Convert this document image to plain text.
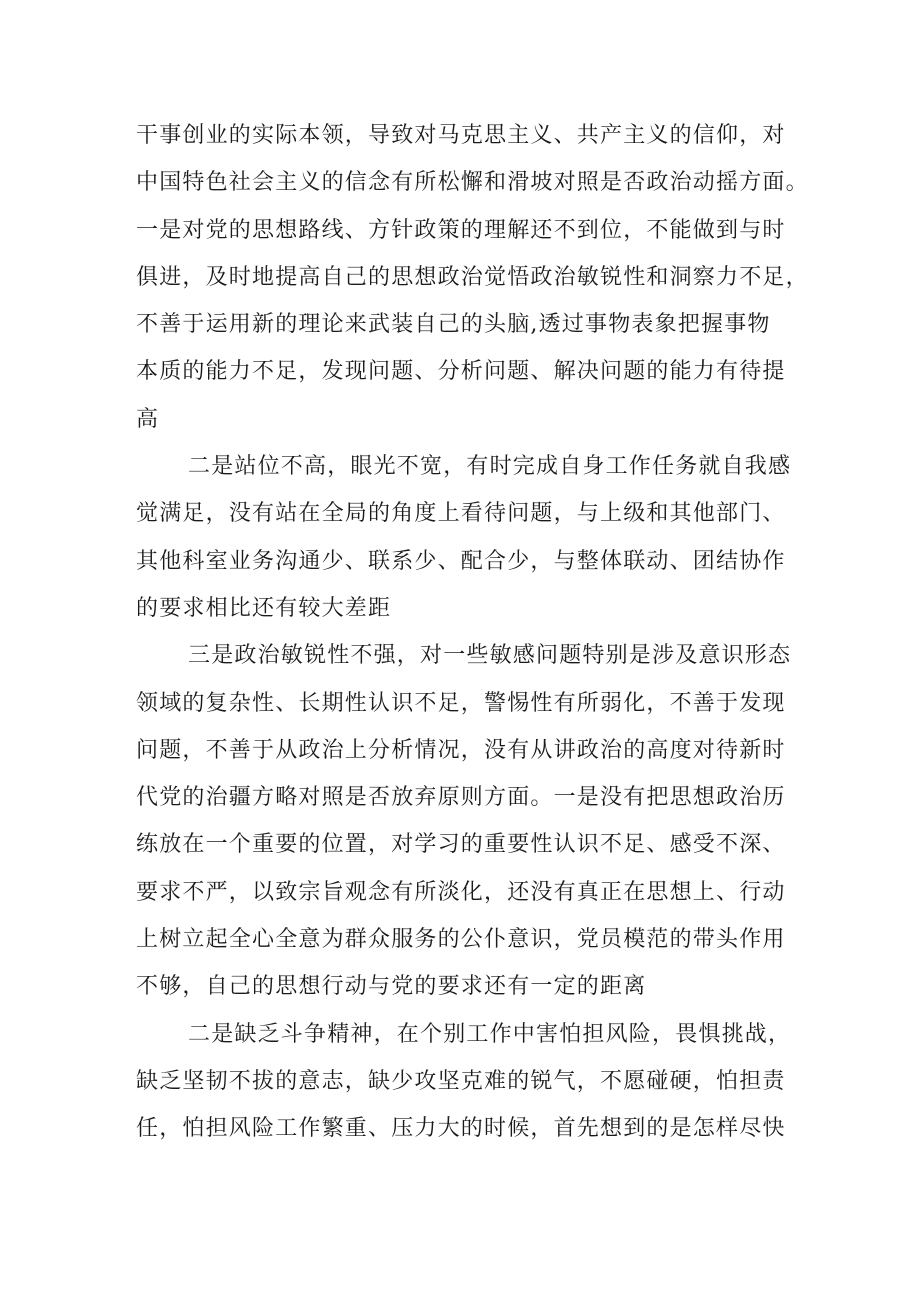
干事创业的实际本领，导致对马克思主义、共产主义的信仰，对
中国特色社会主义的信念有所松懈和滑坡对照是否政治动摇方面。
一是对党的思想路线、方针政策的理解还不到位，不能做到与时
俱进，及时地提高自己的思想政治觉悟政治敏锐性和洞察力不足，
不善于运用新的理论来武装自己的头脑,透过事物表象把握事物
本质的能力不足，发现问题、分析问题、解决问题的能力有待提
高
二是站位不高，眼光不宽，有时完成自身工作任务就自我感
觉满足，没有站在全局的角度上看待问题，与上级和其他部门、
其他科室业务沟通少、联系少、配合少，与整体联动、团结协作
的要求相比还有较大差距
三是政治敏锐性不强，对一些敏感问题特别是涉及意识形态
领域的复杂性、长期性认识不足，警惕性有所弱化，不善于发现
问题，不善于从政治上分析情况，没有从讲政治的高度对待新时
代党的治疆方略对照是否放弃原则方面。一是没有把思想政治历
练放在一个重要的位置，对学习的重要性认识不足、感受不深、
要求不严，以致宗旨观念有所淡化，还没有真正在思想上、行动
上树立起全心全意为群众服务的公仆意识，党员模范的带头作用
不够，自己的思想行动与党的要求还有一定的距离
二是缺乏斗争精神，在个别工作中害怕担风险，畏惧挑战，
缺乏坚韧不拔的意志，缺少攻坚克难的锐气，不愿碰硬，怕担责
任，怕担风险工作繁重、压力大的时候，首先想到的是怎样尽快
